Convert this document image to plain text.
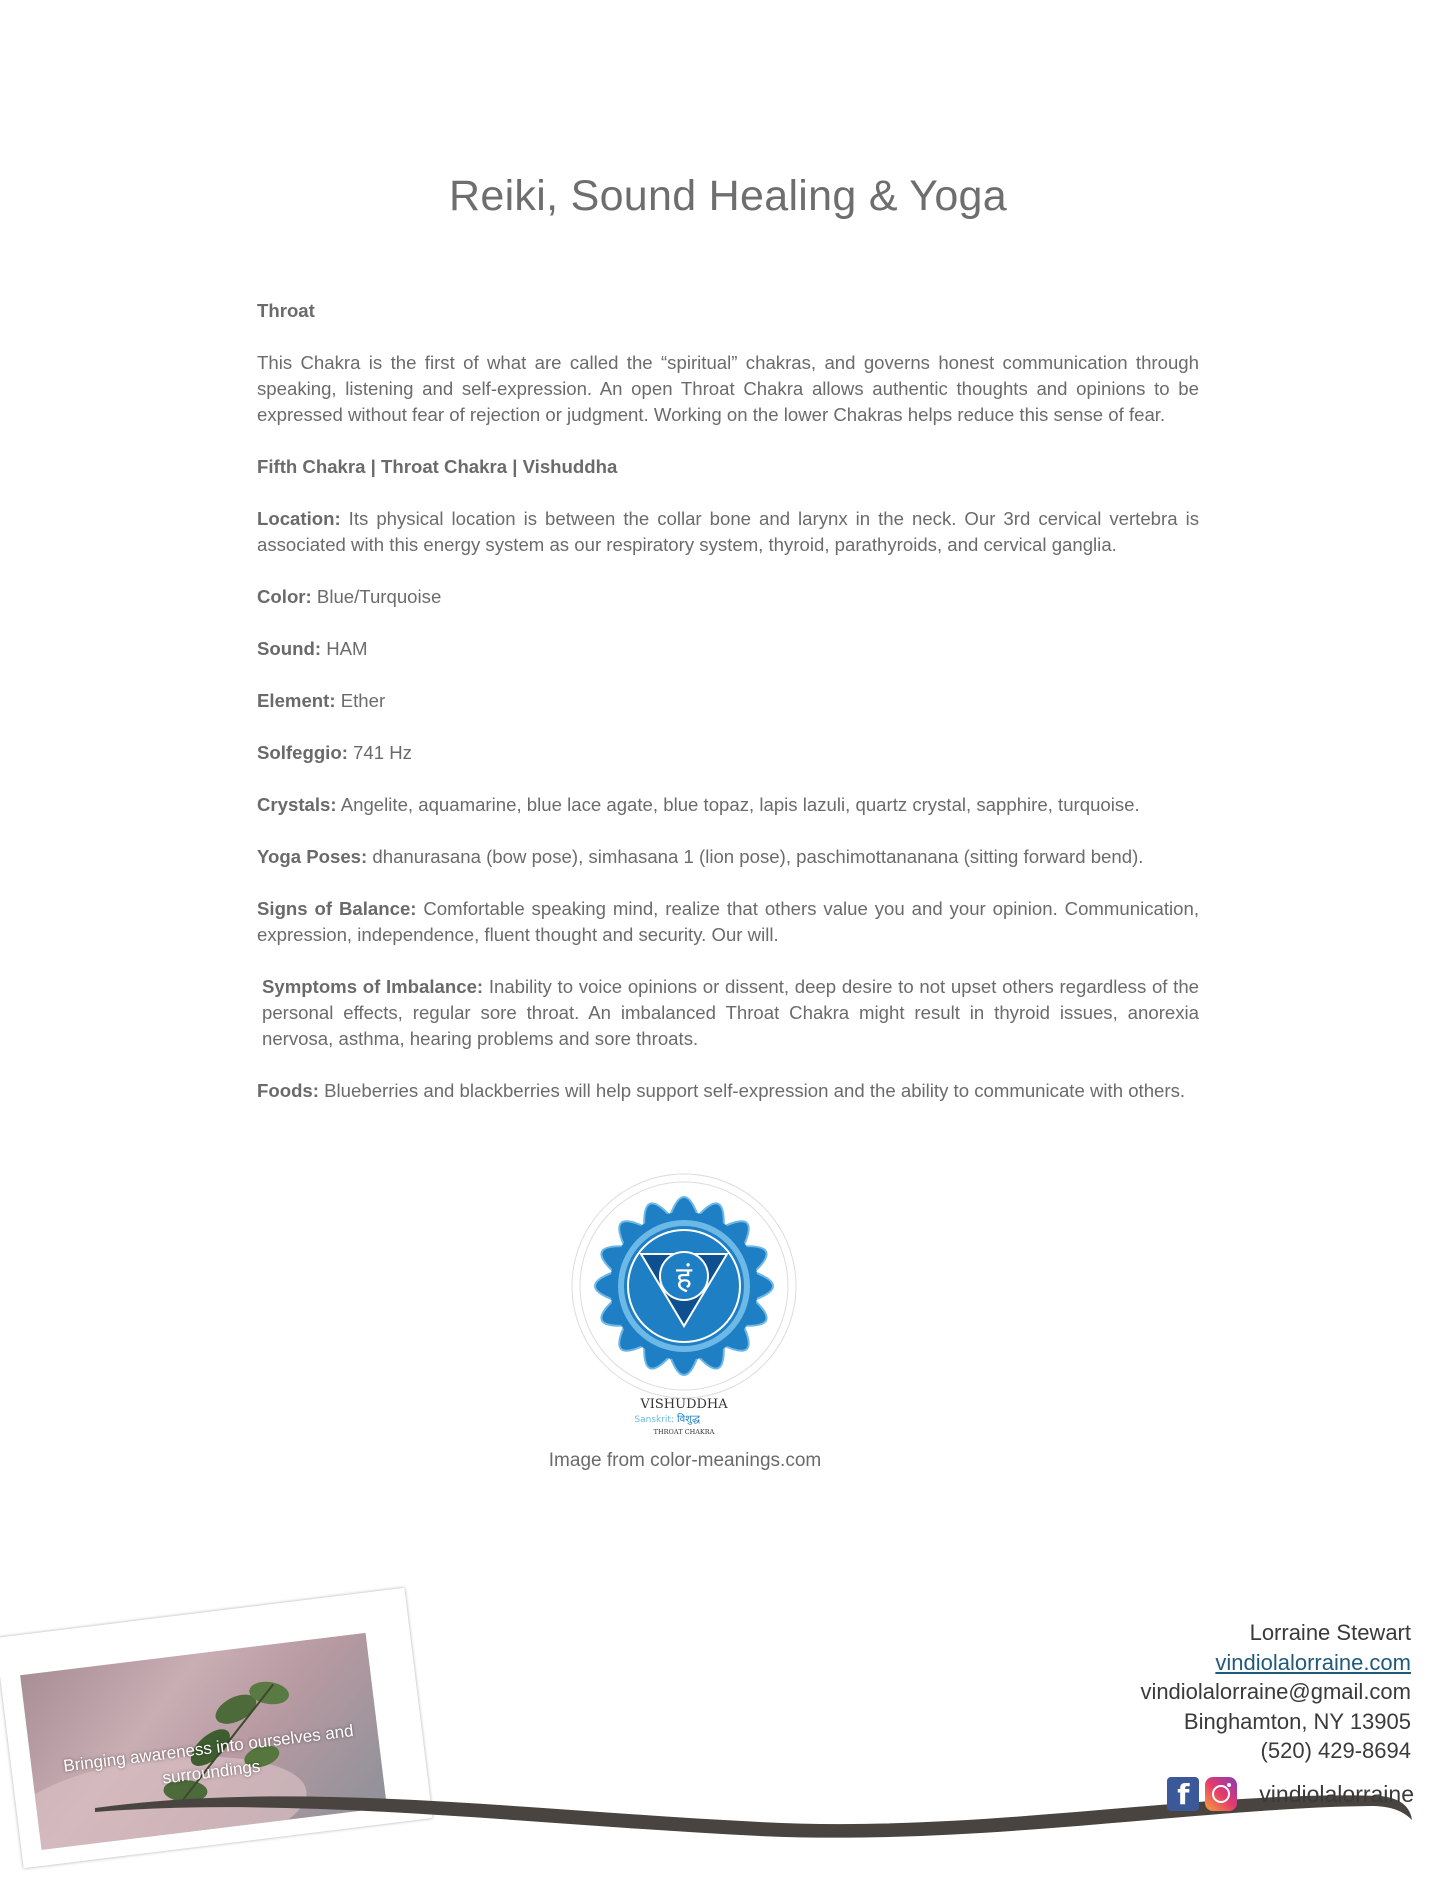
Reiki, Sound Healing & Yoga

Throat

This Chakra is the first of what are called the “spiritual” chakras, and governs honest communication through speaking, listening and self-expression. An open Throat Chakra allows authentic thoughts and opinions to be expressed without fear of rejection or judgment. Working on the lower Chakras helps reduce this sense of fear.

Fifth Chakra | Throat Chakra | Vishuddha

Location: Its physical location is between the collar bone and larynx in the neck. Our 3rd cervical vertebra is associated with this energy system as our respiratory system, thyroid, parathyroids, and cervical ganglia.

Color: Blue/Turquoise

Sound: HAM

Element: Ether

Solfeggio: 741 Hz

Crystals: Angelite, aquamarine, blue lace agate, blue topaz, lapis lazuli, quartz crystal, sapphire, turquoise.

Yoga Poses: dhanurasana (bow pose), simhasana 1 (lion pose), paschimottananana (sitting forward bend).

Signs of Balance: Comfortable speaking mind, realize that others value you and your opinion. Communication, expression, independence, fluent thought and security. Our will.

Symptoms of Imbalance: Inability to voice opinions or dissent, deep desire to not upset others regardless of the personal effects, regular sore throat. An imbalanced Throat Chakra might result in thyroid issues, anorexia nervosa, asthma, hearing problems and sore throats.

Foods: Blueberries and blackberries will help support self-expression and the ability to communicate with others.

हं
VISHUDDHA
Sanskrit: विशुद्ध
THROAT CHAKRA
Image from color-meanings.com
Bringing awareness into ourselves and surroundings
Lorraine Stewart
vindiolalorraine.com
vindiolalorraine@gmail.com
Binghamton, NY 13905
(520) 429-8694
f	vindiolalorraine
